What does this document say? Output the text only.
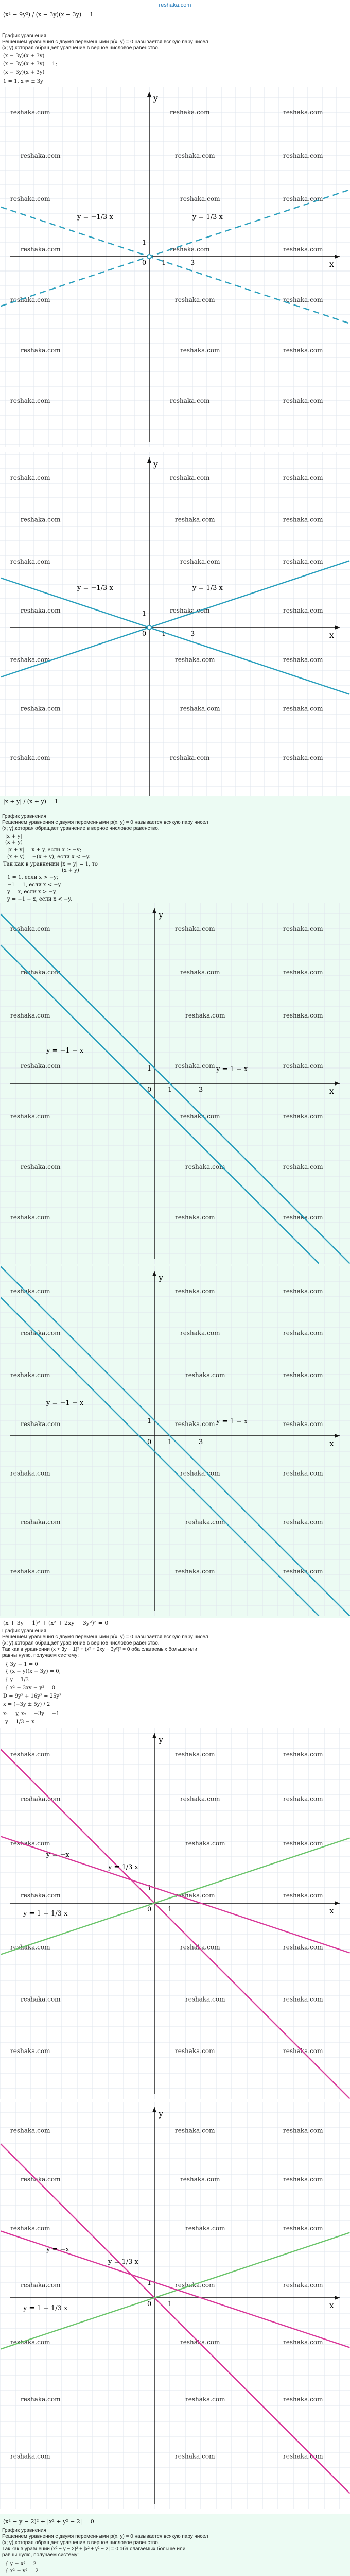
reshaka.com
(x² − 9y²) / (x − 3y)(x + 3y) = 1
График уравнения
Решением уравнения с двумя переменными p(x, y) = 0 называется всякую пару чисел
(x; y),которая обращает уравнение в верное числовое равенство.
(x − 3y)(x + 3y)
(x − 3y)(x + 3y) = 1;
(x − 3y)(x + 3y)
1 = 1, x ≠ ± 3y
reshaka.com	reshaka.com	reshaka.com
reshaka.com	reshaka.com	reshaka.com
reshaka.com	reshaka.com	reshaka.com
reshaka.com	reshaka.com	reshaka.com
reshaka.com	reshaka.com	reshaka.com
reshaka.com	reshaka.com	reshaka.com
reshaka.com	reshaka.com	reshaka.com
x
y
0 1
1
3
y = 1/3 x
y = −1/3 x
reshaka.com	reshaka.com	reshaka.com
reshaka.com	reshaka.com	reshaka.com
reshaka.com	reshaka.com	reshaka.com
reshaka.com	reshaka.com	reshaka.com
reshaka.com	reshaka.com	reshaka.com
reshaka.com	reshaka.com	reshaka.com
reshaka.com	reshaka.com	reshaka.com
x
y
0 1
1
3
y = 1/3 x
y = −1/3 x
|x + y| / (x + y) = 1
График уравнения
Решением уравнения с двумя переменными p(x, y) = 0 называется всякую пару чисел
(x; y),которая обращает уравнение в верное числовое равенство.
|x + y|
(x + y)
|x + y| = x + y, если x ≥ −y;
(x + y) = −(x + y), если x < −y.
Так как в уравнении |x + y| = 1, то
(x + y)
1 = 1, если x > −y;
−1 = 1, если x < −y.
y = x, если x > −y,
y = −1 − x, если x < −y.
reshaka.com	reshaka.com	reshaka.com
reshaka.com	reshaka.com	reshaka.com
reshaka.com	reshaka.com	reshaka.com
reshaka.com	reshaka.com	reshaka.com
reshaka.com	reshaka.com	reshaka.com
reshaka.com	reshaka.com	reshaka.com
reshaka.com	reshaka.com	reshaka.com
x
y
0 1
1
3
y = −1 − x
y = 1 − x
reshaka.com	reshaka.com	reshaka.com
reshaka.com	reshaka.com	reshaka.com
reshaka.com	reshaka.com	reshaka.com
reshaka.com	reshaka.com	reshaka.com
reshaka.com	reshaka.com	reshaka.com
reshaka.com	reshaka.com	reshaka.com
reshaka.com	reshaka.com	reshaka.com
x
y
0 1
1
3
y = −1 − x
y = 1 − x
(x + 3y − 1)² + (x² + 2xy − 3y²)² = 0
График уравнения
Решением уравнения с двумя переменными p(x, y) = 0 называется всякую пару чисел
(x; y),которая обращает уравнение в верное числовое равенство.
Так как в уравнении (x + 3y − 1)² + (x² + 2xy − 3y²)² = 0 оба слагаемых больше или
равны нулю, получаем систему:
{ 3y − 1 = 0
{ (x + y)(x − 3y) = 0,
{ y = 1/3
{ x² + 3xy − y² = 0
D = 9y² + 16y² = 25y²
x = (−3y ± 5y) / 2
x₁ = y, x₂ = −3y = −1
y = 1/3 − x
reshaka.com	reshaka.com	reshaka.com
reshaka.com	reshaka.com	reshaka.com
reshaka.com	reshaka.com	reshaka.com
reshaka.com	reshaka.com	reshaka.com
reshaka.com	reshaka.com	reshaka.com
reshaka.com	reshaka.com	reshaka.com
reshaka.com	reshaka.com	reshaka.com
x
y
0 1
1
y = −x
y = 1/3 x
y = 1 − 1/3 x
reshaka.com	reshaka.com	reshaka.com
reshaka.com	reshaka.com	reshaka.com
reshaka.com	reshaka.com	reshaka.com
reshaka.com	reshaka.com	reshaka.com
reshaka.com	reshaka.com	reshaka.com
reshaka.com	reshaka.com	reshaka.com
reshaka.com	reshaka.com	reshaka.com
x
y
0 1
1
y = −x
y = 1/3 x
y = 1 − 1/3 x
(x² − y − 2)² + |x² + y² − 2| = 0
График уравнения
Решением уравнения с двумя переменными p(x, y) = 0 называется всякую пару чисел
(x; y),которая обращает уравнение в верное числовое равенство.
Так как в уравнении (x² − y − 2)² + |x² + y² − 2| = 0 оба слагаемых больше или
равны нулю, получаем систему:
{ y − x² = 2
{ x² + y² = 2
